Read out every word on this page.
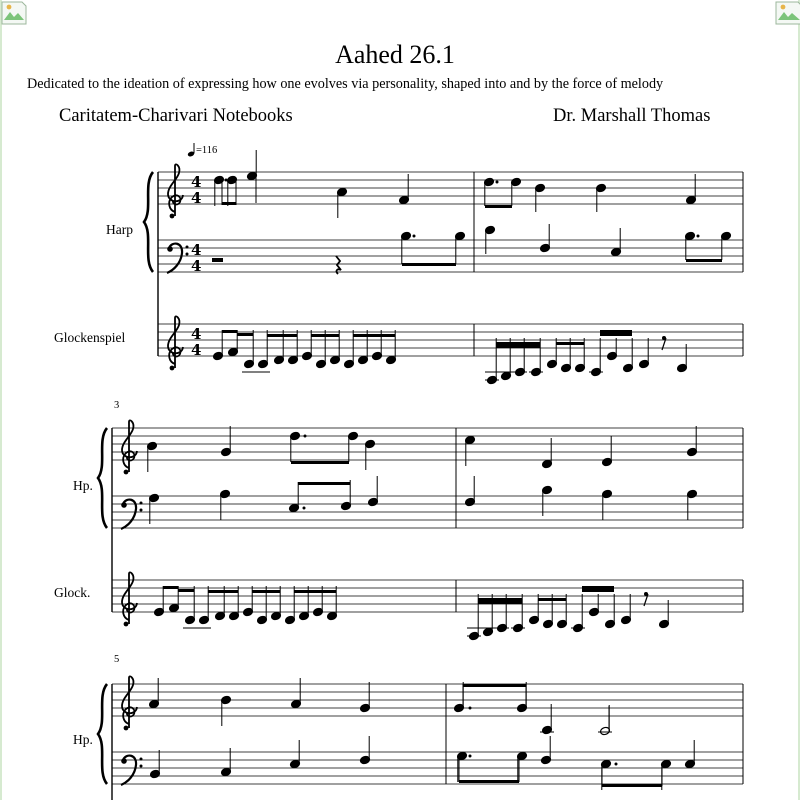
Aahed 26.1
Dedicated to the ideation of expressing how one evolves via personality, shaped into and by the force of melody
Caritatem-Charivari Notebooks	Dr. Marshall Thomas
=116
Harp
Glockenspiel
Hp.
Glock.
Hp.
3
5
4
4
4
4
4
4
